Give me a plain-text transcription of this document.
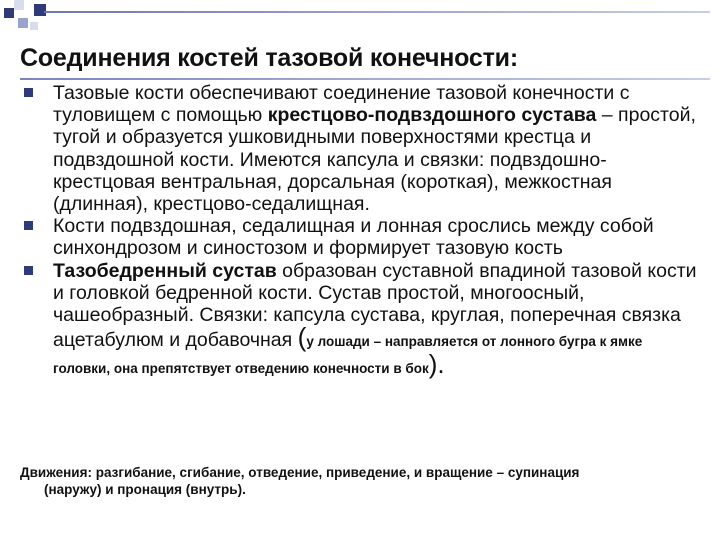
Соединения костей тазовой конечности:
Тазовые кости обеспечивают соединение тазовой конечности с туловищем с помощью крестцово-подвздошного сустава – простой, тугой и образуется ушковидными поверхностями крестца и подвздошной кости. Имеются капсула и связки: подвздошно-крестцовая вентральная, дорсальная (короткая), межкостная (длинная), крестцово-седалищная.
Кости подвздошная, седалищная и лонная срослись между собой синхондрозом и синостозом и формирует тазовую кость
Тазобедренный сустав образован суставной впадиной тазовой кости и головкой бедренной кости. Сустав простой, многоосный, чашеобразный. Связки: капсула сустава, круглая, поперечная связка ацетабулюм и добавочная (у лошади – направляется от лонного бугра к ямке головки, она препятствует отведению конечности в бок).
Движения: разгибание, сгибание, отведение, приведение, и вращение – супинация
(наружу) и пронация (внутрь).
